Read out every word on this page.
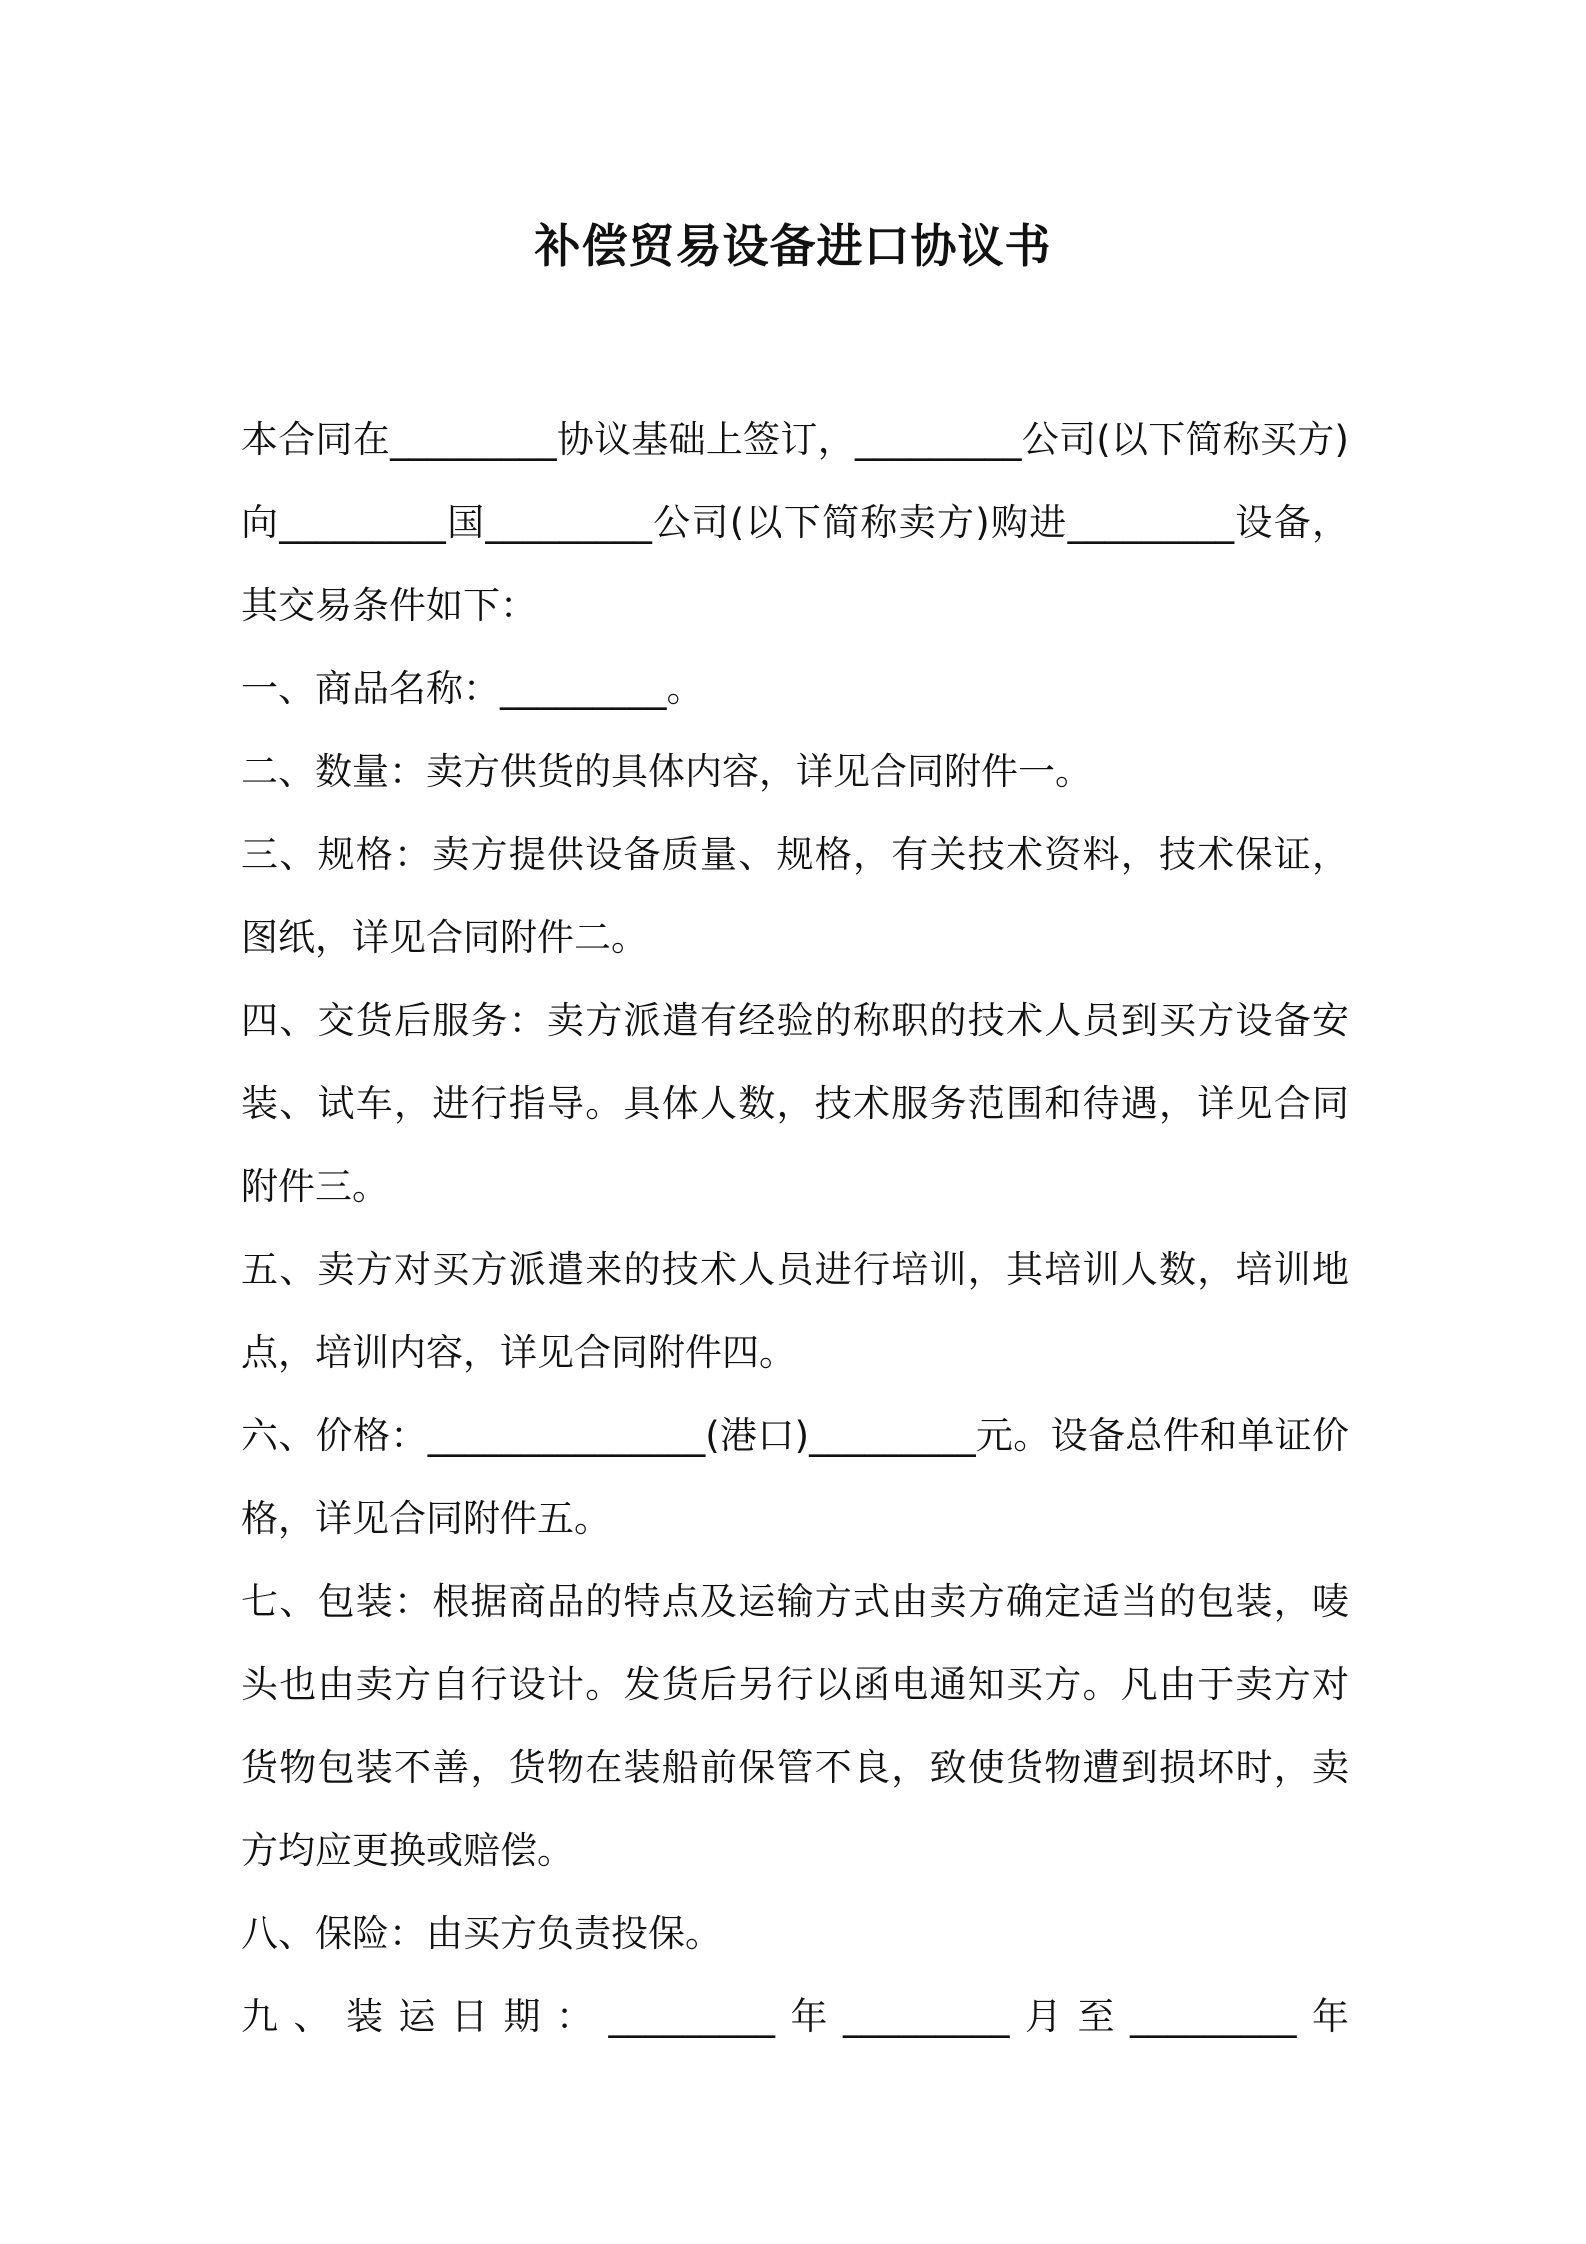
补偿贸易设备进口协议书

本合同在_________协议基础上签订，_________公司(以下简称买方)向_________国_________公司(以下简称卖方)购进_________设备，其交易条件如下：

一、商品名称：_________。

二、数量：卖方供货的具体内容，详见合同附件一。

三、规格：卖方提供设备质量、规格，有关技术资料，技术保证，图纸，详见合同附件二。

四、交货后服务：卖方派遣有经验的称职的技术人员到买方设备安装、试车，进行指导。具体人数，技术服务范围和待遇，详见合同附件三。

五、卖方对买方派遣来的技术人员进行培训，其培训人数，培训地点，培训内容，详见合同附件四。

六、价格：_______________(港口)_________元。设备总件和单证价格，详见合同附件五。

七、包装：根据商品的特点及运输方式由卖方确定适当的包装，唛头也由卖方自行设计。发货后另行以函电通知买方。凡由于卖方对货物包装不善，货物在装船前保管不良，致使货物遭到损坏时，卖方均应更换或赔偿。

八、保险：由买方负责投保。

九、装运日期：_________年_________月至_________年
